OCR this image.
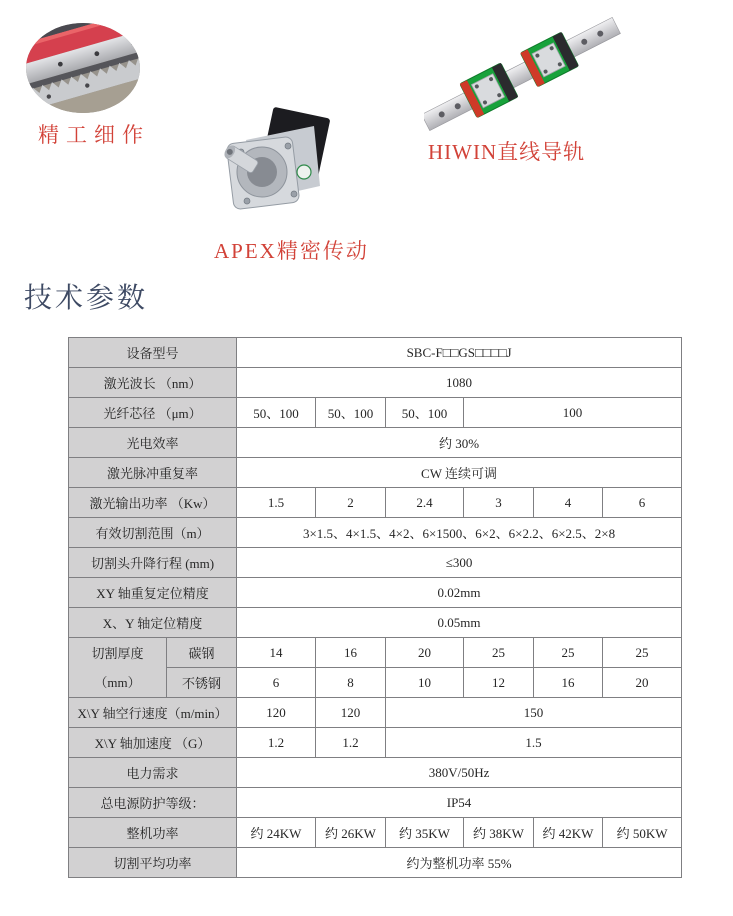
精工细作
APEX精密传动
HIWIN直线导轨
技术参数
设备型号		SBC-F□□GS□□□□J					
激光波长 （nm）		1080					
光纤芯径 （μm）		50、100	50、100	50、100	100		
光电效率		约 30%					
激光脉冲重复率		CW 连续可调					
激光输出功率 （Kw）		1.5	2	2.4	3	4	6
有效切割范围（m）		3×1.5、4×1.5、4×2、6×1500、6×2、6×2.2、6×2.5、2×8					
切割头升降行程 (mm)		≤300					
XY 轴重复定位精度		0.02mm					
X、Y 轴定位精度		0.05mm					

切割厚度
（mm）	碳钢	14	16	20	25	25	25
	不锈钢	6	8	10	12	16	20
X\Y 轴空行速度（m/min）		120	120	150			
X\Y 轴加速度 （G）		1.2	1.2	1.5			
电力需求		380V/50Hz					
总电源防护等级：		IP54					
整机功率		约 24KW	约 26KW	约 35KW	约 38KW	约 42KW	约 50KW
切割平均功率		约为整机功率 55%					
